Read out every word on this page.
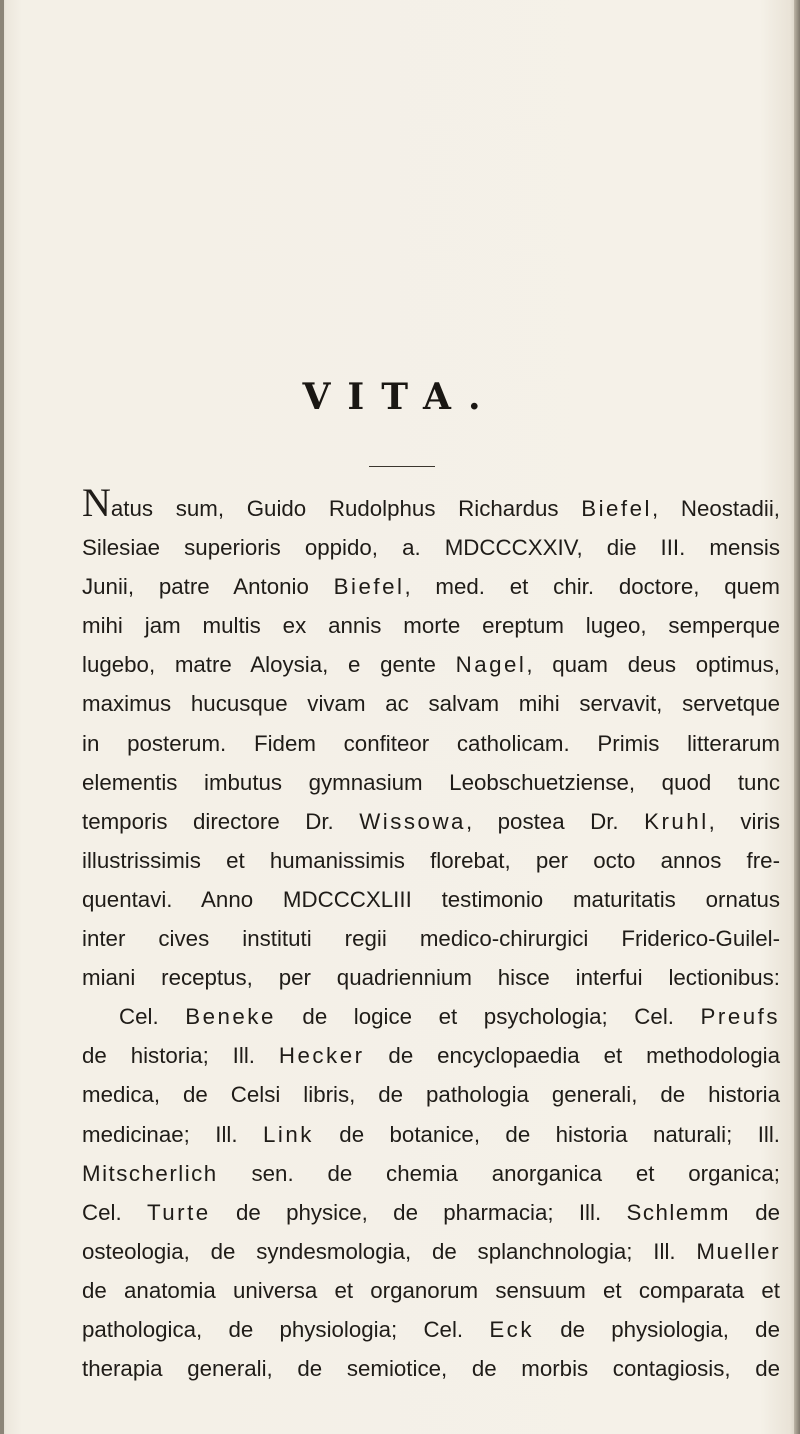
VITA.
Natus sum, Guido Rudolphus Richardus Biefel, Neostadii,
Silesiae superioris oppido, a. MDCCCXXIV, die III. mensis
Junii, patre Antonio Biefel, med. et chir. doctore, quem
mihi jam multis ex annis morte ereptum lugeo, semperque
lugebo, matre Aloysia, e gente Nagel, quam deus optimus,
maximus hucusque vivam ac salvam mihi servavit, servetque
in posterum. Fidem confiteor catholicam. Primis litterarum
elementis imbutus gymnasium Leobschuetziense, quod tunc
temporis directore Dr. Wissowa, postea Dr. Kruhl, viris
illustrissimis et humanissimis florebat, per octo annos fre-
quentavi. Anno MDCCCXLIII testimonio maturitatis ornatus
inter cives instituti regii medico-chirurgici Friderico-Guilel-
miani receptus, per quadriennium hisce interfui lectionibus:
Cel. Beneke de logice et psychologia; Cel. Preufs
de historia; Ill. Hecker de encyclopaedia et methodologia
medica, de Celsi libris, de pathologia generali, de historia
medicinae; Ill. Link de botanice, de historia naturali; Ill.
Mitscherlich sen. de chemia anorganica et organica;
Cel. Turte de physice, de pharmacia; Ill. Schlemm de
osteologia, de syndesmologia, de splanchnologia; Ill. Mueller
de anatomia universa et organorum sensuum et comparata et
pathologica, de physiologia; Cel. Eck de physiologia, de
therapia generali, de semiotice, de morbis contagiosis, de
